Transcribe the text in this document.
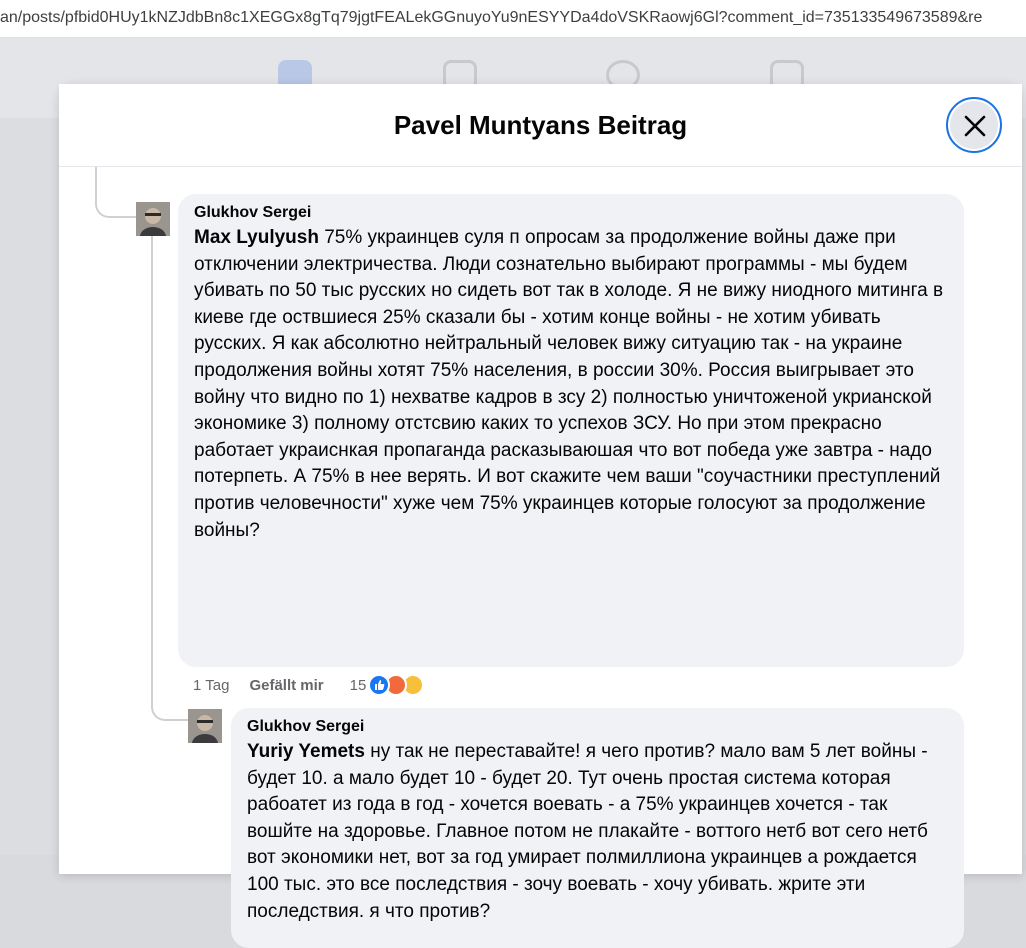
an/posts/pfbid0HUy1kNZJdbBn8c1XEGGx8gTq79jgtFEALekGGnuyoYu9nESYYDa4doVSKRaowj6Gl?comment_id=735133549673589&re
Pavel Muntyans Beitrag
Glukhov Sergei

Max Lyulyush 75% украинцев суля п опросам за продолжение войны даже при отключении электричества. Люди сознательно выбирают программы - мы будем убивать по 50 тыс русских но сидеть вот так в холоде. Я не вижу ниодного митинга в киеве где оствшиеся 25% сказали бы - хотим конце войны - не хотим убивать русских. Я как абсолютно нейтральный человек вижу ситуацию так - на украине продолжения войны хотят 75% населения, в россии 30%. Россия выигрывает это войну что видно по 1) нехватве кадров в зсу 2) полностью уничтоженой укрианской экономике 3) полному отстсвию каких то успехов ЗСУ. Но при этом прекрасно работает украиснкая пропаганда расказываюшая что вот победа уже завтра - надо потерпеть. А 75% в нее верять. И вот скажите чем ваши "соучастники преступлений против человечности" хуже чем 75% украинцев которые голосуют за продолжение войны?

1 Tag Gefällt mir 15
Glukhov Sergei

Yuriy Yemets ну так не переставайте! я чего против? мало вам 5 лет войны - будет 10. а мало будет 10 - будет 20. Тут очень простая система которая рабоатет из года в год - хочется воевать - а 75% украинцев хочется - так вошйте на здоровье. Главное потом не плакайте - воттого нетб вот сего нетб вот экономики нет, вот за год умирает полмиллиона украинцев а рождается 100 тыс. это все последствия - зочу воевать - хочу убивать. жрите эти последствия. я что против?
